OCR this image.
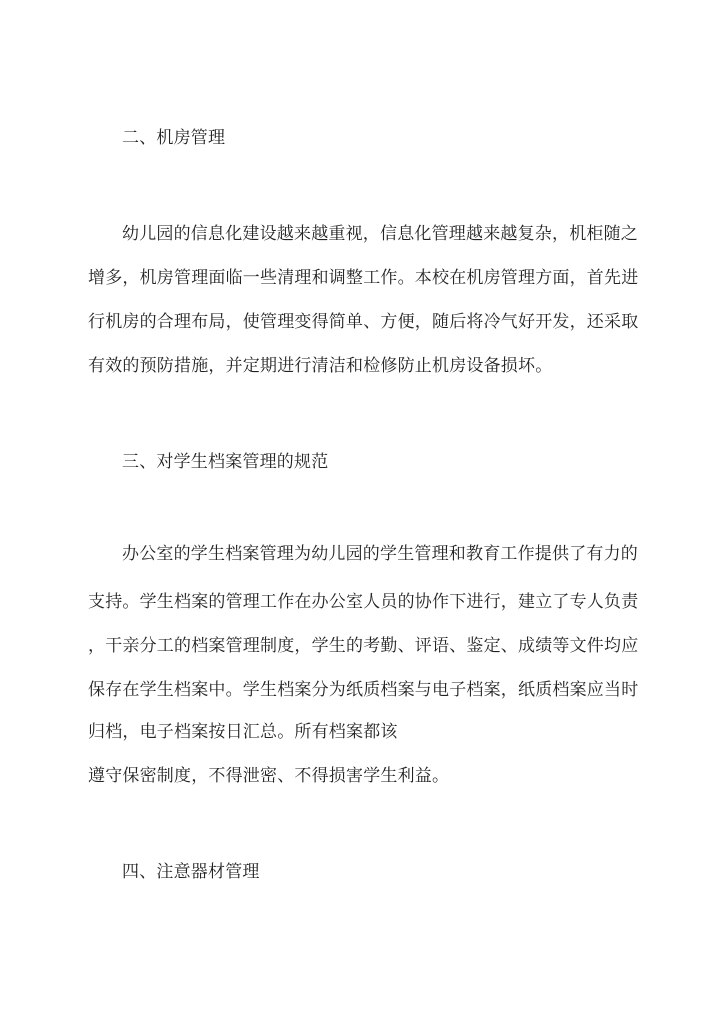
二、机房管理
幼儿园的信息化建设越来越重视，信息化管理越来越复杂，机柜随之
增多，机房管理面临一些清理和调整工作。本校在机房管理方面，首先进
行机房的合理布局，使管理变得简单、方便，随后将冷气好开发，还采取
有效的预防措施，并定期进行清洁和检修防止机房设备损坏。
三、对学生档案管理的规范
办公室的学生档案管理为幼儿园的学生管理和教育工作提供了有力的
支持。学生档案的管理工作在办公室人员的协作下进行，建立了专人负责
，干亲分工的档案管理制度，学生的考勤、评语、鉴定、成绩等文件均应
保存在学生档案中。学生档案分为纸质档案与电子档案，纸质档案应当时
归档，电子档案按日汇总。所有档案都该
遵守保密制度，不得泄密、不得损害学生利益。
四、注意器材管理
